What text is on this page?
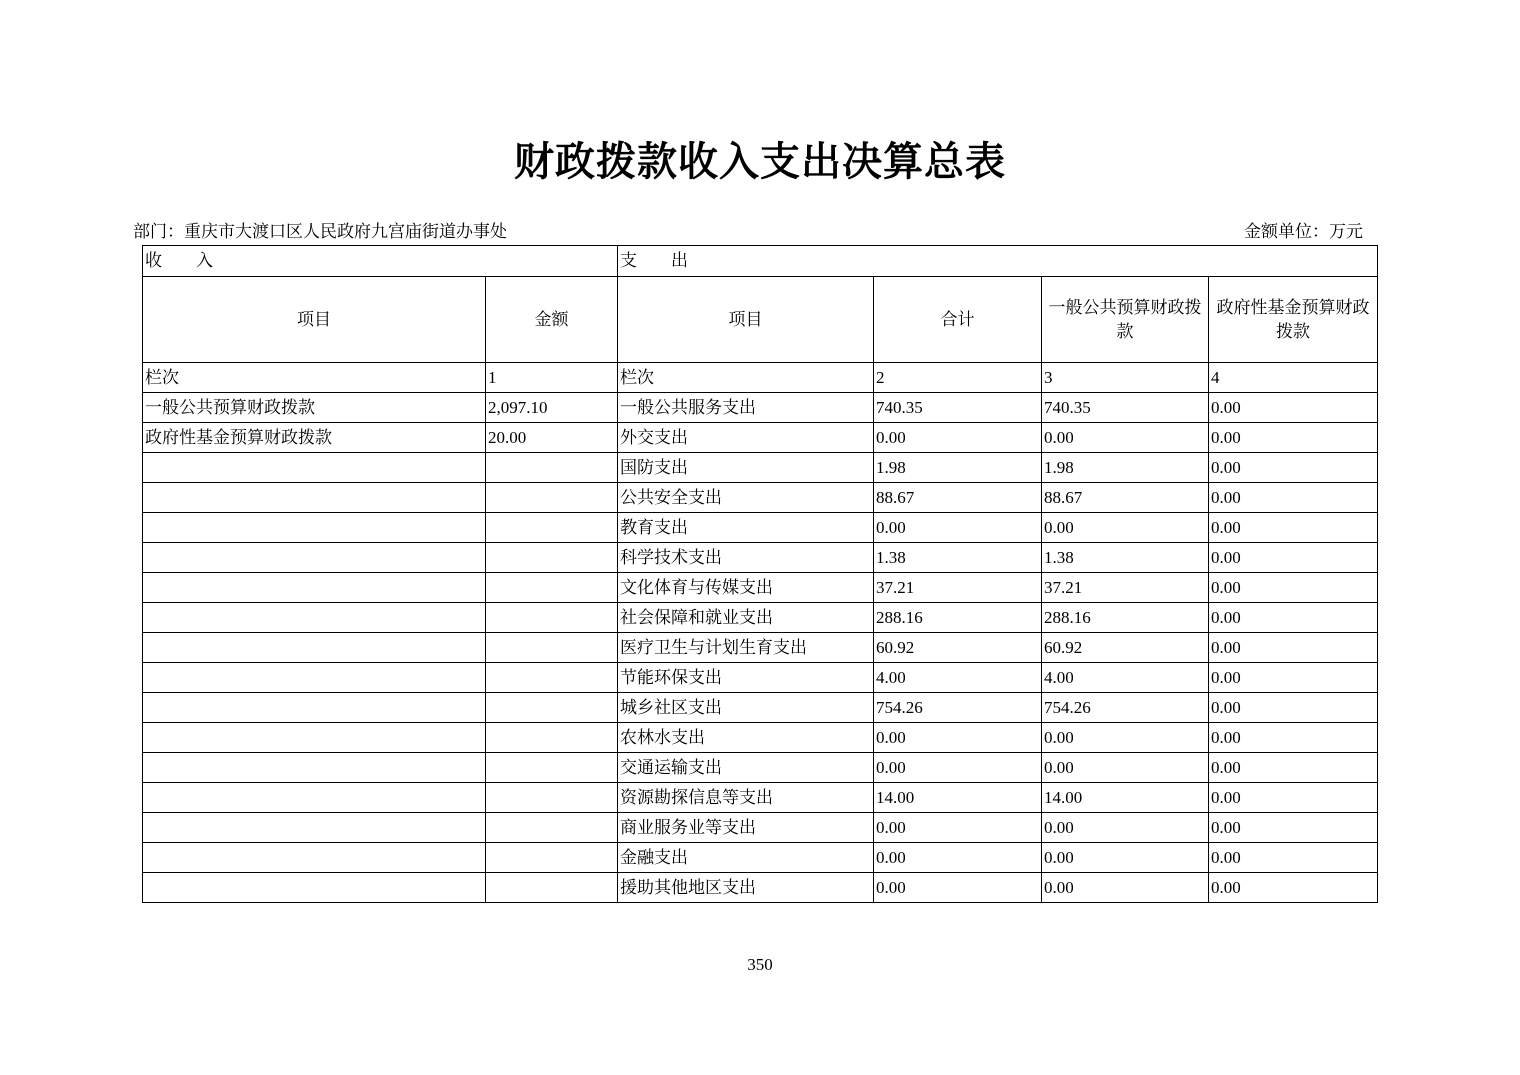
财政拨款收入支出决算总表
部门：重庆市大渡口区人民政府九宫庙街道办事处	金额单位：万元
收　　入		支　　出			
项目	金额	项目	合计	一般公共预算财政拨款	政府性基金预算财政拨款
栏次	1	栏次	2	3	4
一般公共预算财政拨款	2,097.10	一般公共服务支出	740.35	740.35	0.00
政府性基金预算财政拨款	20.00	外交支出	0.00	0.00	0.00
		国防支出	1.98	1.98	0.00
		公共安全支出	88.67	88.67	0.00
		教育支出	0.00	0.00	0.00
		科学技术支出	1.38	1.38	0.00
		文化体育与传媒支出	37.21	37.21	0.00
		社会保障和就业支出	288.16	288.16	0.00
		医疗卫生与计划生育支出	60.92	60.92	0.00
		节能环保支出	4.00	4.00	0.00
		城乡社区支出	754.26	754.26	0.00
		农林水支出	0.00	0.00	0.00
		交通运输支出	0.00	0.00	0.00
		资源勘探信息等支出	14.00	14.00	0.00
		商业服务业等支出	0.00	0.00	0.00
		金融支出	0.00	0.00	0.00
		援助其他地区支出	0.00	0.00	0.00
350
